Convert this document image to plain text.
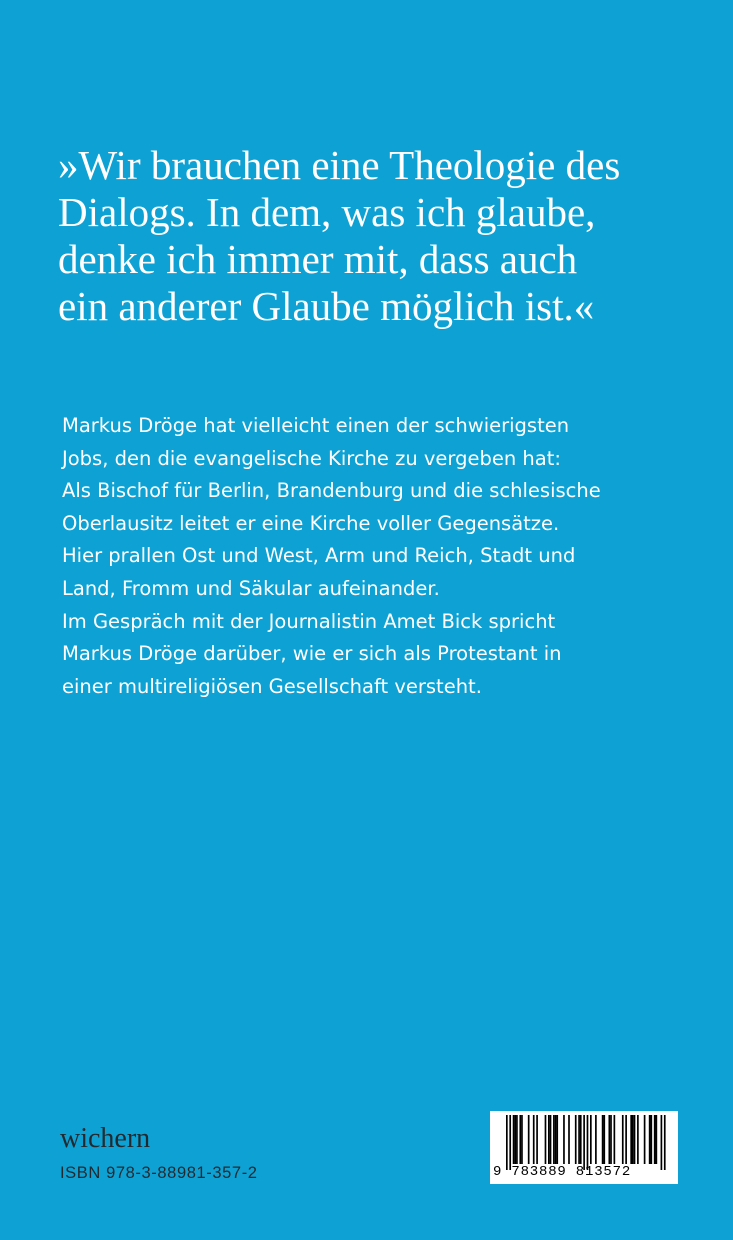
»Wir brauchen eine Theologie des
Dialogs. In dem, was ich glaube,
denke ich immer mit, dass auch
ein anderer Glaube möglich ist.«
Markus Dröge hat vielleicht einen der schwierigsten
Jobs, den die evangelische Kirche zu vergeben hat:
Als Bischof für Berlin, Brandenburg und die schlesische
Oberlausitz leitet er eine Kirche voller Gegensätze.
Hier prallen Ost und West, Arm und Reich, Stadt und
Land, Fromm und Säkular aufeinander.
Im Gespräch mit der Journalistin Amet Bick spricht
Markus Dröge darüber, wie er sich als Protestant in
einer multireligiösen Gesellschaft versteht.
wichern
ISBN 978-3-88981-357-2	9 783889 813572
